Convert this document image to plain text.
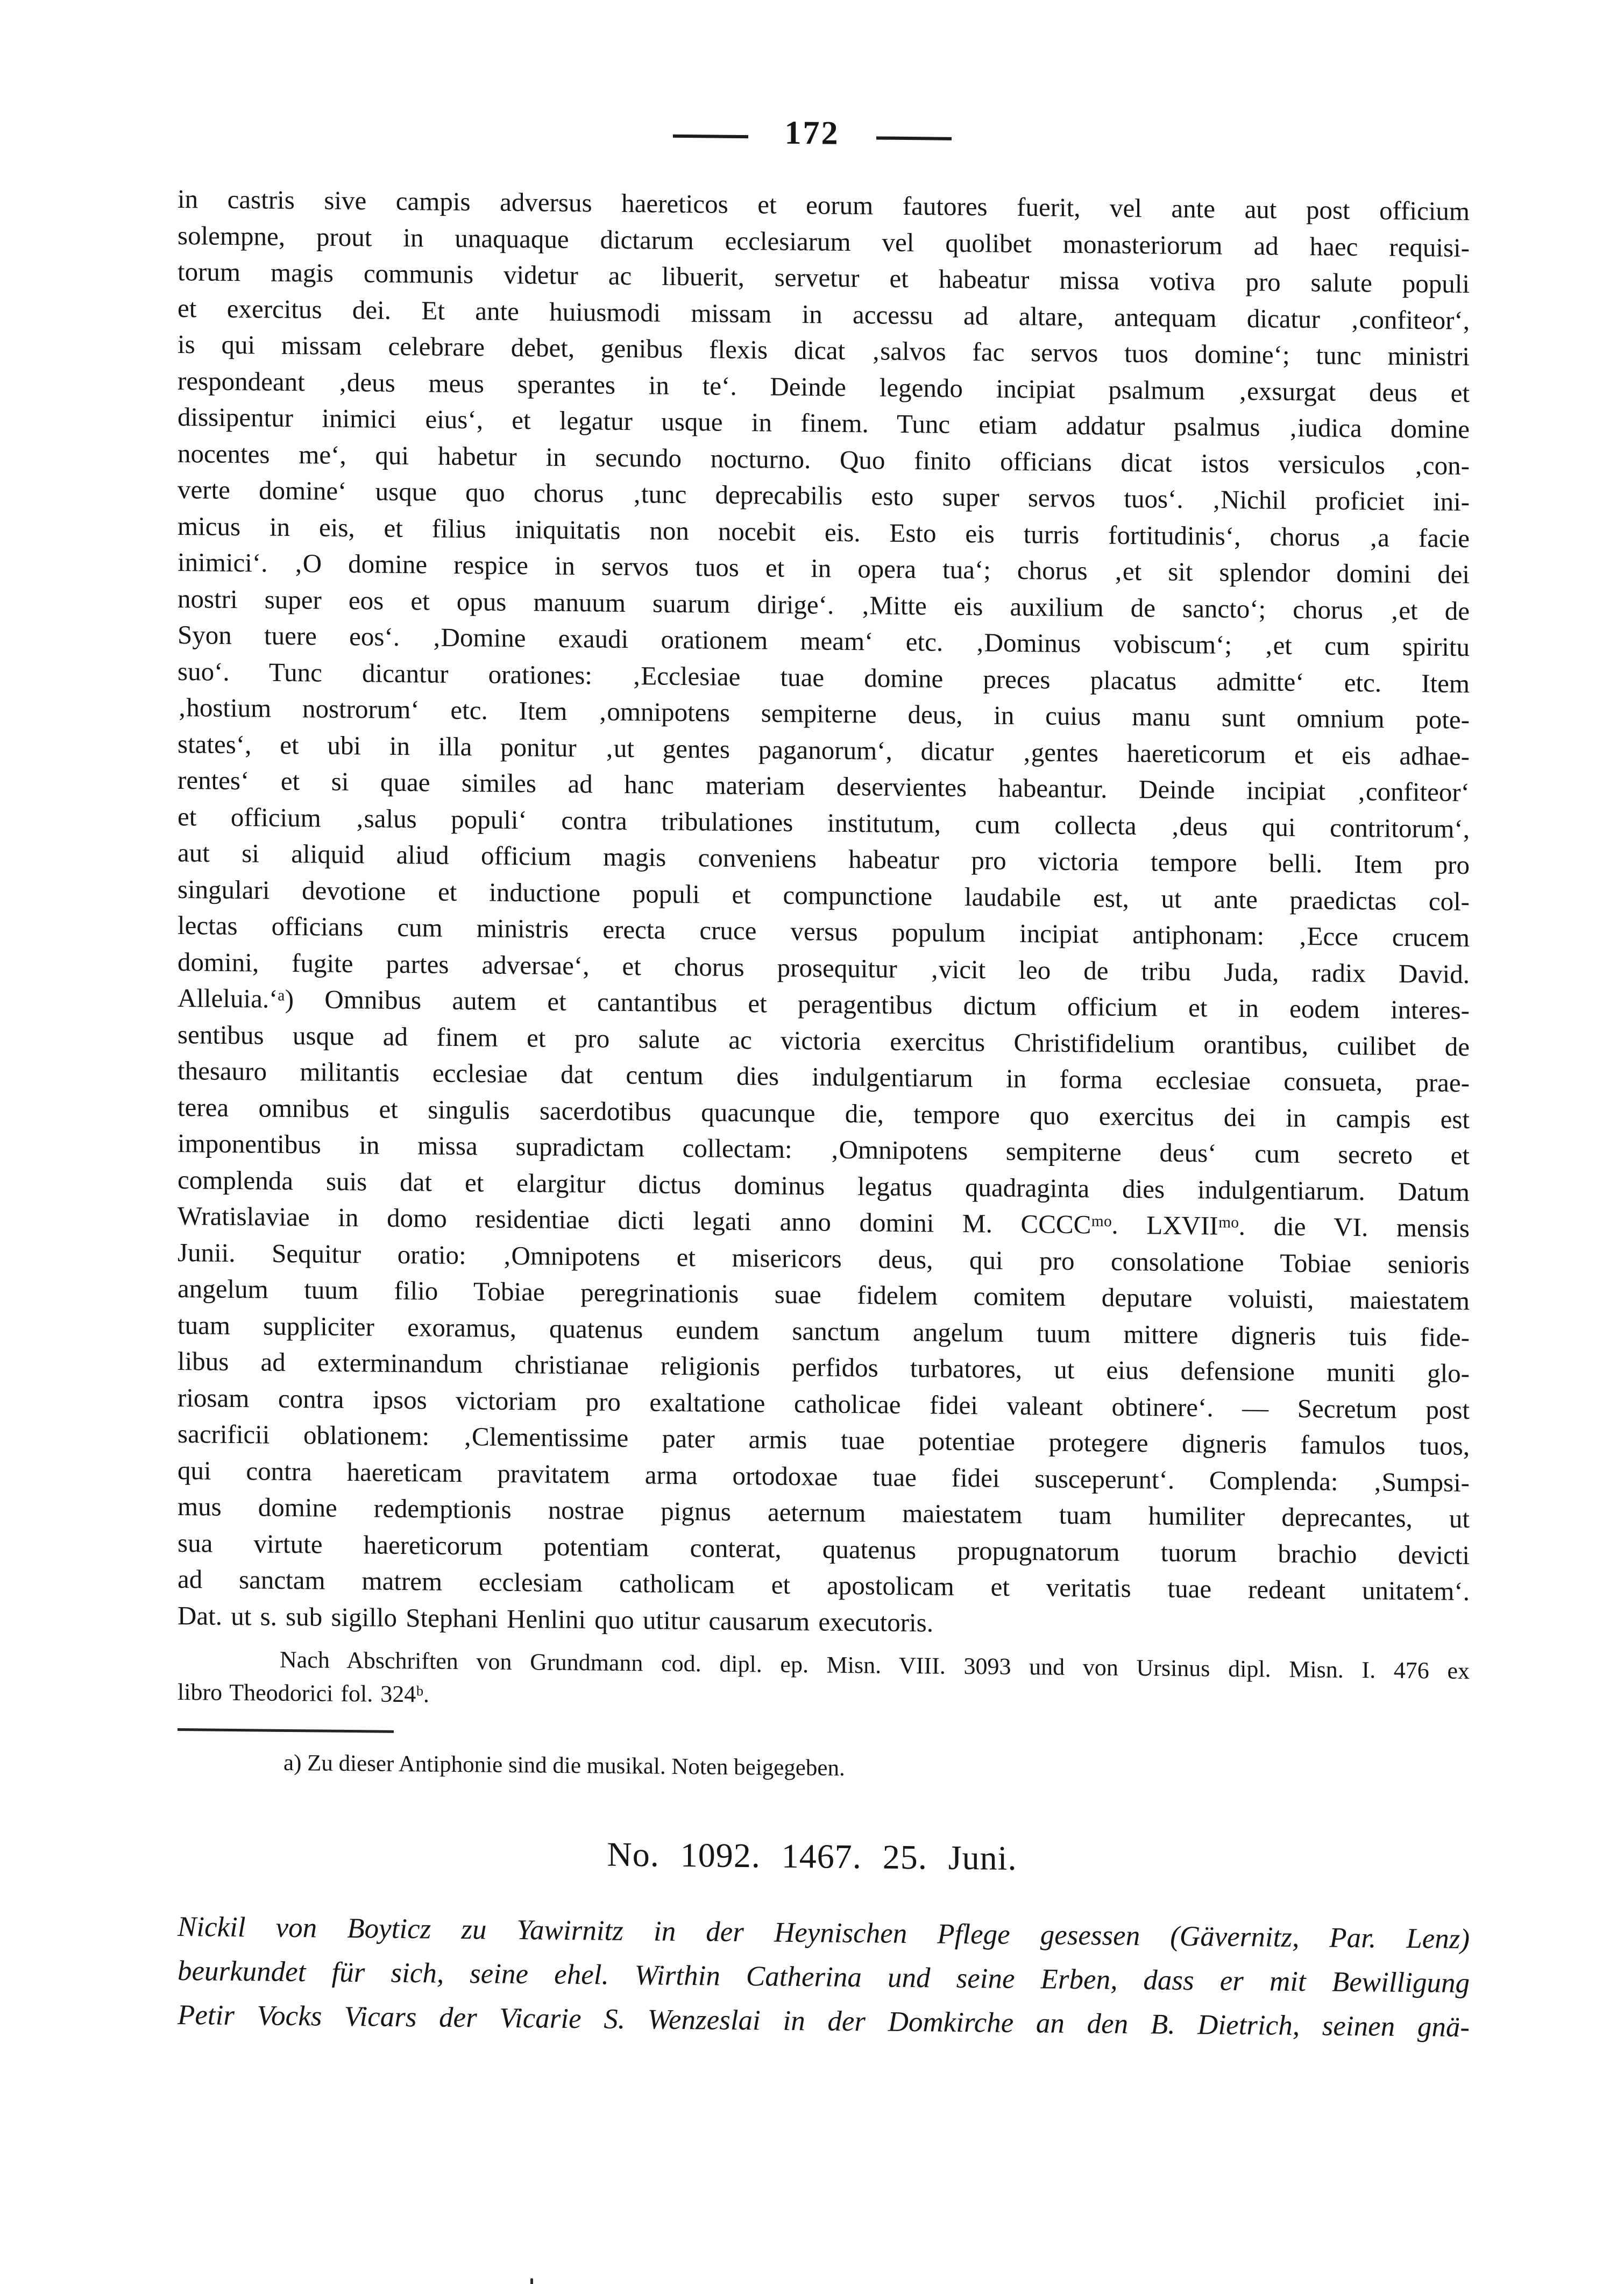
172
in castris sive campis adversus haereticos et eorum fautores fuerit, vel ante aut post officium
solempne, prout in unaquaque dictarum ecclesiarum vel quolibet monasteriorum ad haec requisi-
torum magis communis videtur ac libuerit, servetur et habeatur missa votiva pro salute populi
et exercitus dei. Et ante huiusmodi missam in accessu ad altare, antequam dicatur ‚confiteor‘,
is qui missam celebrare debet, genibus flexis dicat ‚salvos fac servos tuos domine‘; tunc ministri
respondeant ‚deus meus sperantes in te‘. Deinde legendo incipiat psalmum ‚exsurgat deus et
dissipentur inimici eius‘, et legatur usque in finem. Tunc etiam addatur psalmus ‚iudica domine
nocentes me‘, qui habetur in secundo nocturno. Quo finito officians dicat istos versiculos ‚con-
verte domine‘ usque quo chorus ‚tunc deprecabilis esto super servos tuos‘. ‚Nichil proficiet ini-
micus in eis, et filius iniquitatis non nocebit eis. Esto eis turris fortitudinis‘, chorus ‚a facie
inimici‘. ‚O domine respice in servos tuos et in opera tua‘; chorus ‚et sit splendor domini dei
nostri super eos et opus manuum suarum dirige‘. ‚Mitte eis auxilium de sancto‘; chorus ‚et de
Syon tuere eos‘. ‚Domine exaudi orationem meam‘ etc. ‚Dominus vobiscum‘; ‚et cum spiritu
suo‘. Tunc dicantur orationes: ‚Ecclesiae tuae domine preces placatus admitte‘ etc. Item
‚hostium nostrorum‘ etc. Item ‚omnipotens sempiterne deus, in cuius manu sunt omnium pote-
states‘, et ubi in illa ponitur ‚ut gentes paganorum‘, dicatur ‚gentes haereticorum et eis adhae-
rentes‘ et si quae similes ad hanc materiam deservientes habeantur. Deinde incipiat ‚confiteor‘
et officium ‚salus populi‘ contra tribulationes institutum, cum collecta ‚deus qui contritorum‘,
aut si aliquid aliud officium magis conveniens habeatur pro victoria tempore belli. Item pro
singulari devotione et inductione populi et compunctione laudabile est, ut ante praedictas col-
lectas officians cum ministris erecta cruce versus populum incipiat antiphonam: ‚Ecce crucem
domini, fugite partes adversae‘, et chorus prosequitur ‚vicit leo de tribu Juda, radix David.
Alleluia.‘ᵃ) Omnibus autem et cantantibus et peragentibus dictum officium et in eodem interes-
sentibus usque ad finem et pro salute ac victoria exercitus Christifidelium orantibus, cuilibet de
thesauro militantis ecclesiae dat centum dies indulgentiarum in forma ecclesiae consueta, prae-
terea omnibus et singulis sacerdotibus quacunque die, tempore quo exercitus dei in campis est
imponentibus in missa supradictam collectam: ‚Omnipotens sempiterne deus‘ cum secreto et
complenda suis dat et elargitur dictus dominus legatus quadraginta dies indulgentiarum. Datum
Wratislaviae in domo residentiae dicti legati anno domini M. CCCCᵐᵒ. LXVIIᵐᵒ. die VI. mensis
Junii. Sequitur oratio: ‚Omnipotens et misericors deus, qui pro consolatione Tobiae senioris
angelum tuum filio Tobiae peregrinationis suae fidelem comitem deputare voluisti, maiestatem
tuam suppliciter exoramus, quatenus eundem sanctum angelum tuum mittere digneris tuis fide-
libus ad exterminandum christianae religionis perfidos turbatores, ut eius defensione muniti glo-
riosam contra ipsos victoriam pro exaltatione catholicae fidei valeant obtinere‘. — Secretum post
sacrificii oblationem: ‚Clementissime pater armis tuae potentiae protegere digneris famulos tuos,
qui contra haereticam pravitatem arma ortodoxae tuae fidei susceperunt‘. Complenda: ‚Sumpsi-
mus domine redemptionis nostrae pignus aeternum maiestatem tuam humiliter deprecantes, ut
sua virtute haereticorum potentiam conterat, quatenus propugnatorum tuorum brachio devicti
ad sanctam matrem ecclesiam catholicam et apostolicam et veritatis tuae redeant unitatem‘.
Dat. ut s. sub sigillo Stephani Henlini quo utitur causarum executoris.
Nach Abschriften von Grundmann cod. dipl. ep. Misn. VIII. 3093 und von Ursinus dipl. Misn. I. 476 ex
libro Theodorici fol. 324ᵇ.
a) Zu dieser Antiphonie sind die musikal. Noten beigegeben.
No. 1092. 1467. 25. Juni.
Nickil von Boyticz zu Yawirnitz in der Heynischen Pflege gesessen (Gävernitz, Par. Lenz)
beurkundet für sich, seine ehel. Wirthin Catherina und seine Erben, dass er mit Bewilligung
Petir Vocks Vicars der Vicarie S. Wenzeslai in der Domkirche an den B. Dietrich, seinen gnä-
